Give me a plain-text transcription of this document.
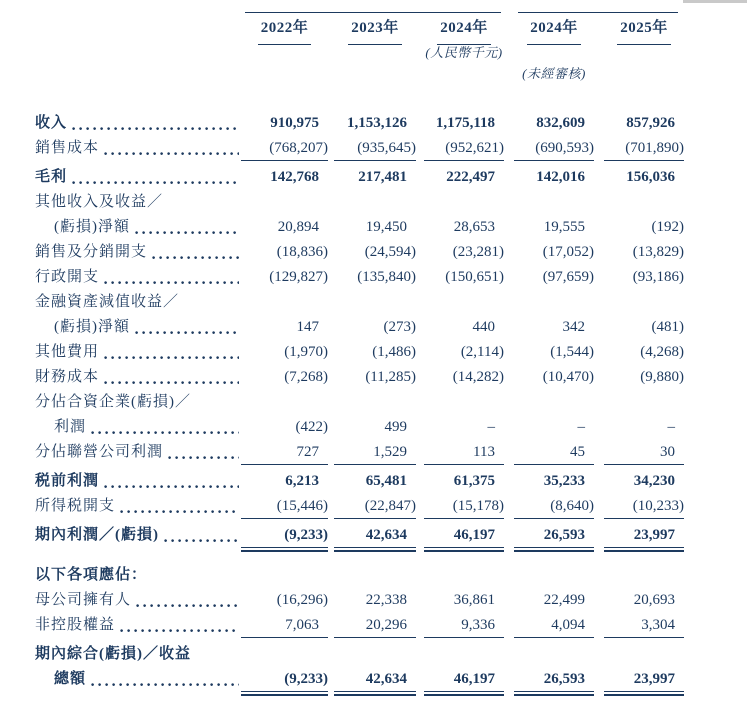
2022年	2023年	2024年	2024年	2025年
(人民幣千元)
(未經審核)
收入	910,975	1,153,126	1,175,118	832,609	857,926
銷售成本	(768,207)	(935,645)	(952,621)	(690,593)	(701,890)
毛利	142,768	217,481	222,497	142,016	156,036
其他收入及收益／
(虧損)淨額	20,894	19,450	28,653	19,555	(192)
銷售及分銷開支	(18,836)	(24,594)	(23,281)	(17,052)	(13,829)
行政開支	(129,827)	(135,840)	(150,651)	(97,659)	(93,186)
金融資產減值收益／
(虧損)淨額	147	(273)	440	342	(481)
其他費用	(1,970)	(1,486)	(2,114)	(1,544)	(4,268)
財務成本	(7,268)	(11,285)	(14,282)	(10,470)	(9,880)
分佔合資企業(虧損)／
利潤	(422)	499	–	–	–
分佔聯營公司利潤	727	1,529	113	45	30
税前利潤	6,213	65,481	61,375	35,233	34,230
所得税開支	(15,446)	(22,847)	(15,178)	(8,640)	(10,233)
期內利潤／(虧損)	(9,233)	42,634	46,197	26,593	23,997
以下各項應佔：
母公司擁有人	(16,296)	22,338	36,861	22,499	20,693
非控股權益	7,063	20,296	9,336	4,094	3,304
期內綜合(虧損)／收益
總額	(9,233)	42,634	46,197	26,593	23,997
